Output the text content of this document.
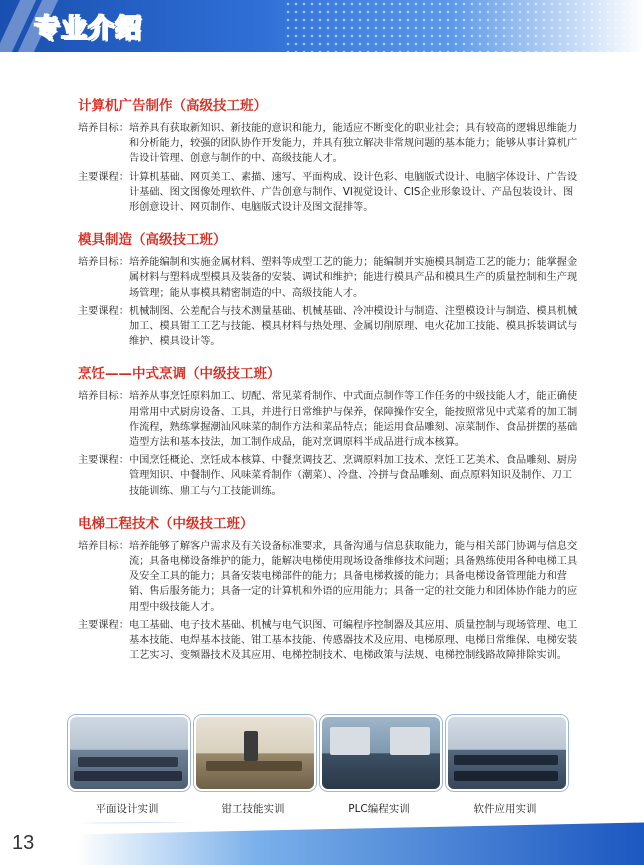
专业介绍
计算机广告制作（高级技工班）
培养目标： 培养具有获取新知识、新技能的意识和能力，能适应不断变化的职业社会；具有较高的逻辑思维能力和分析能力，较强的团队协作开发能力，并具有独立解决非常规问题的基本能力；能够从事计算机广告设计管理、创意与制作的中、高级技能人才。
主要课程： 计算机基础、网页美工、素描、速写、平面构成、设计色彩、电脑版式设计、电脑字体设计、广告设计基础、图文图像处理软件、广告创意与制作、VI视觉设计、CIS企业形象设计、产品包装设计、图形创意设计、网页制作、电脑版式设计及图文混排等。
模具制造（高级技工班）
培养目标： 培养能编制和实施金属材料、塑料等成型工艺的能力；能编制并实施模具制造工艺的能力；能掌握金属材料与塑料成型模具及装备的安装、调试和维护；能进行模具产品和模具生产的质量控制和生产现场管理；能从事模具精密制造的中、高级技能人才。
主要课程： 机械制图、公差配合与技术测量基础、机械基础、冷冲模设计与制造、注塑模设计与制造、模具机械加工、模具钳工工艺与技能、模具材料与热处理、金属切削原理、电火花加工技能、模具拆装调试与维护、模具设计等。
烹饪——中式烹调（中级技工班）
培养目标： 培养从事烹饪原料加工、切配、常见菜肴制作、中式面点制作等工作任务的中级技能人才，能正确使用常用中式厨房设备、工具，并进行日常维护与保养，保障操作安全，能按照常见中式菜肴的加工制作流程，熟练掌握潮汕风味菜的制作方法和菜品特点；能运用食品雕刻、凉菜制作、食品拼摆的基础造型方法和基本技法，加工制作成品，能对烹调原料半成品进行成本核算。
主要课程： 中国烹饪概论、烹饪成本核算、中餐烹调技艺、烹调原料加工技术、烹饪工艺美术、食品雕刻、厨房管理知识、中餐制作、风味菜肴制作（潮菜）、冷盘、冷拼与食品雕刻、面点原料知识及制作、刀工技能训练、鼎工与勺工技能训练。
电梯工程技术（中级技工班）
培养目标： 培养能够了解客户需求及有关设备标准要求，具备沟通与信息获取能力，能与相关部门协调与信息交流；具备电梯设备维护的能力，能解决电梯使用现场设备维修技术问题；具备熟练使用各种电梯工具及安全工具的能力；具备安装电梯部件的能力；具备电梯救援的能力；具备电梯设备管理能力和营销、售后服务能力；具备一定的计算机和外语的应用能力；具备一定的社交能力和团体协作能力的应用型中级技能人才。
主要课程： 电工基础、电子技术基础、机械与电气识图、可编程序控制器及其应用、质量控制与现场管理、电工基本技能、电焊基本技能、钳工基本技能、传感器技术及应用、电梯原理、电梯日常维保、电梯安装工艺实习、变频器技术及其应用、电梯控制技术、电梯政策与法规、电梯控制线路故障排除实训。
平面设计实训	钳工技能实训	PLC编程实训	软件应用实训
13
